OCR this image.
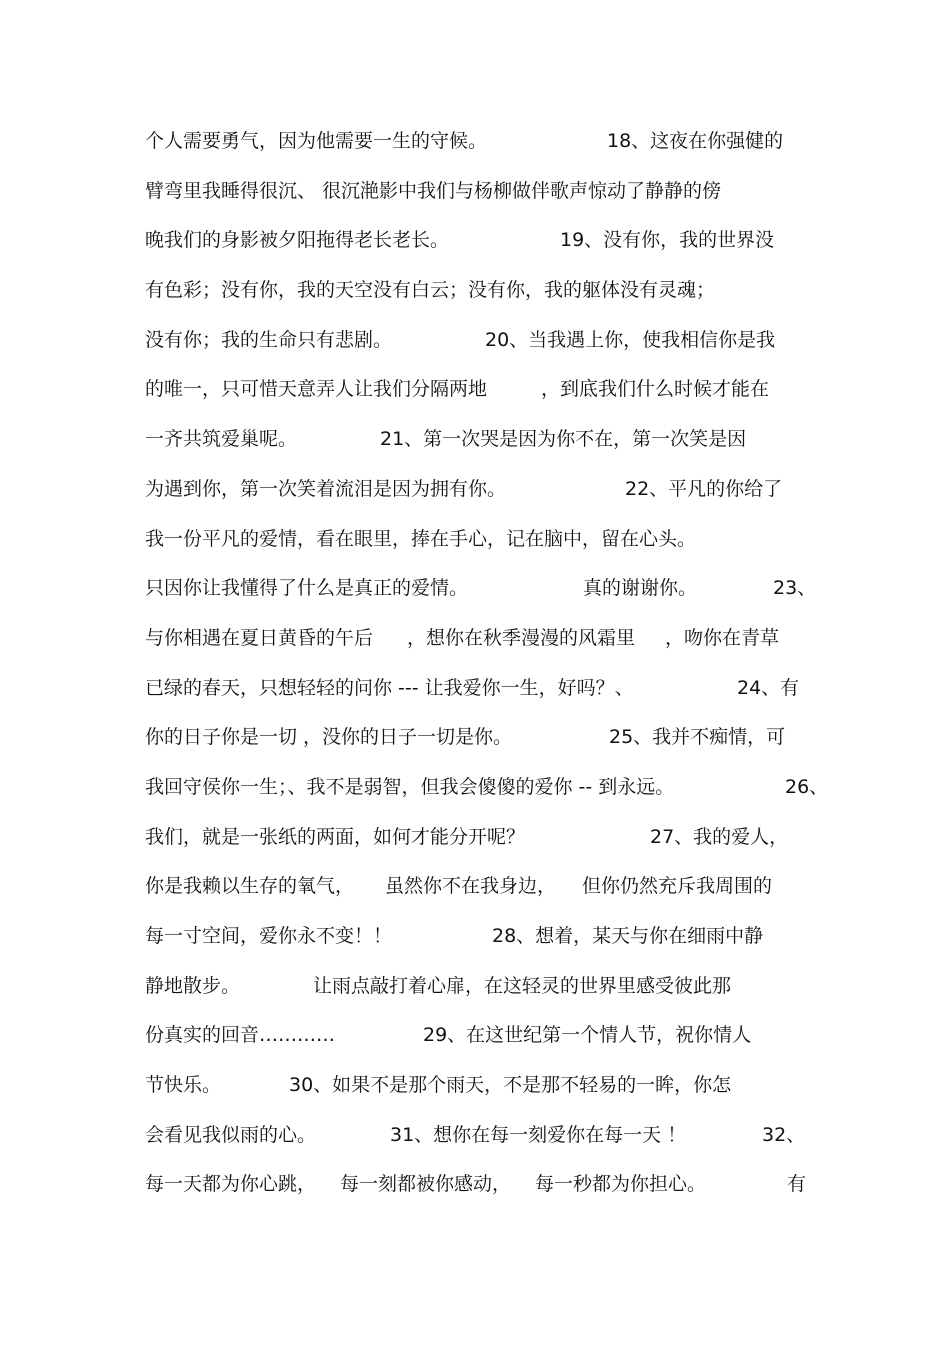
个人需要勇气，因为他需要一生的守候。	18、这夜在你强健的
臂弯里我睡得很沉、 很沉滟影中我们与杨柳做伴歌声惊动了静静的傍
晚我们的身影被夕阳拖得老长老长。	19、没有你，我的世界没
有色彩；没有你，我的天空没有白云；没有你，我的躯体没有灵魂；
没有你；我的生命只有悲剧。	20、当我遇上你，使我相信你是我
的唯一，只可惜天意弄人让我们分隔两地	，到底我们什么时候才能在
一齐共筑爱巢呢。	21、第一次哭是因为你不在，第一次笑是因
为遇到你，第一次笑着流泪是因为拥有你。	22、平凡的你给了
我一份平凡的爱情，看在眼里，捧在手心，记在脑中，留在心头。
只因你让我懂得了什么是真正的爱情。	真的谢谢你。	23、
与你相遇在夏日黄昏的午后 ，想你在秋季漫漫的风霜里 ，吻你在青草
已绿的春天，只想轻轻的问你 --- 让我爱你一生，好吗？、	24、有
你的日子你是一切 ，没你的日子一切是你。	25、我并不痴情，可
我回守侯你一生；、我不是弱智，但我会傻傻的爱你 -- 到永远。	26、
我们，就是一张纸的两面，如何才能分开呢？	27、我的爱人，
你是我赖以生存的氧气， 虽然你不在我身边， 但你仍然充斥我周围的
每一寸空间，爱你永不变！！	28、想着，某天与你在细雨中静
静地散步。	让雨点敲打着心扉，在这轻灵的世界里感受彼此那
份真实的回音…………	29、在这世纪第一个情人节，祝你情人
节快乐。	30、如果不是那个雨天，不是那不轻易的一眸，你怎
会看见我似雨的心。	31、想你在每一刻爱你在每一天 ！	32、
每一天都为你心跳， 每一刻都被你感动， 每一秒都为你担心。	有
